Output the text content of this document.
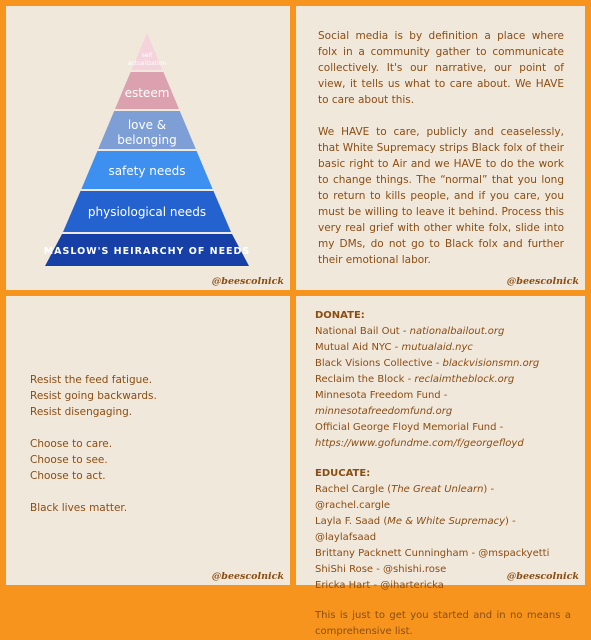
self
actualization
esteem
love &
belonging
safety needs
physiological needs
MASLOW'S HEIRARCHY OF NEEDS
@beescolnick

Social media is by definition a place where folx in a community gather to communicate collectively. It's our narrative, our point of view, it tells us what to care about. We HAVE to care about this.

We HAVE to care, publicly and ceaselessly, that White Supremacy strips Black folx of their basic right to Air and we HAVE to do the work to change things. The “normal” that you long to return to kills people, and if you care, you must be willing to leave it behind. Process this very real grief with other white folx, slide into my DMs, do not go to Black folx and further their emotional labor.

@beescolnick
Resist the feed fatigue.
Resist going backwards.
Resist disengaging.
Choose to care.
Choose to see.
Choose to act.
Black lives matter.
@beescolnick
DONATE:
National Bail Out - nationalbailout.org
Mutual Aid NYC - mutualaid.nyc
Black Visions Collective - blackvisionsmn.org
Reclaim the Block - reclaimtheblock.org
Minnesota Freedom Fund - minnesotafreedomfund.org
Official George Floyd Memorial Fund -
https://www.gofundme.com/f/georgefloyd
EDUCATE:
Rachel Cargle (The Great Unlearn) - @rachel.cargle
Layla F. Saad (Me & White Supremacy) - @laylafsaad
Brittany Packnett Cunningham - @mspackyetti
ShiShi Rose - @shishi.rose
Ericka Hart - @ihartericka
This is just to get you started and in no means a comprehensive list.
@beescolnick
